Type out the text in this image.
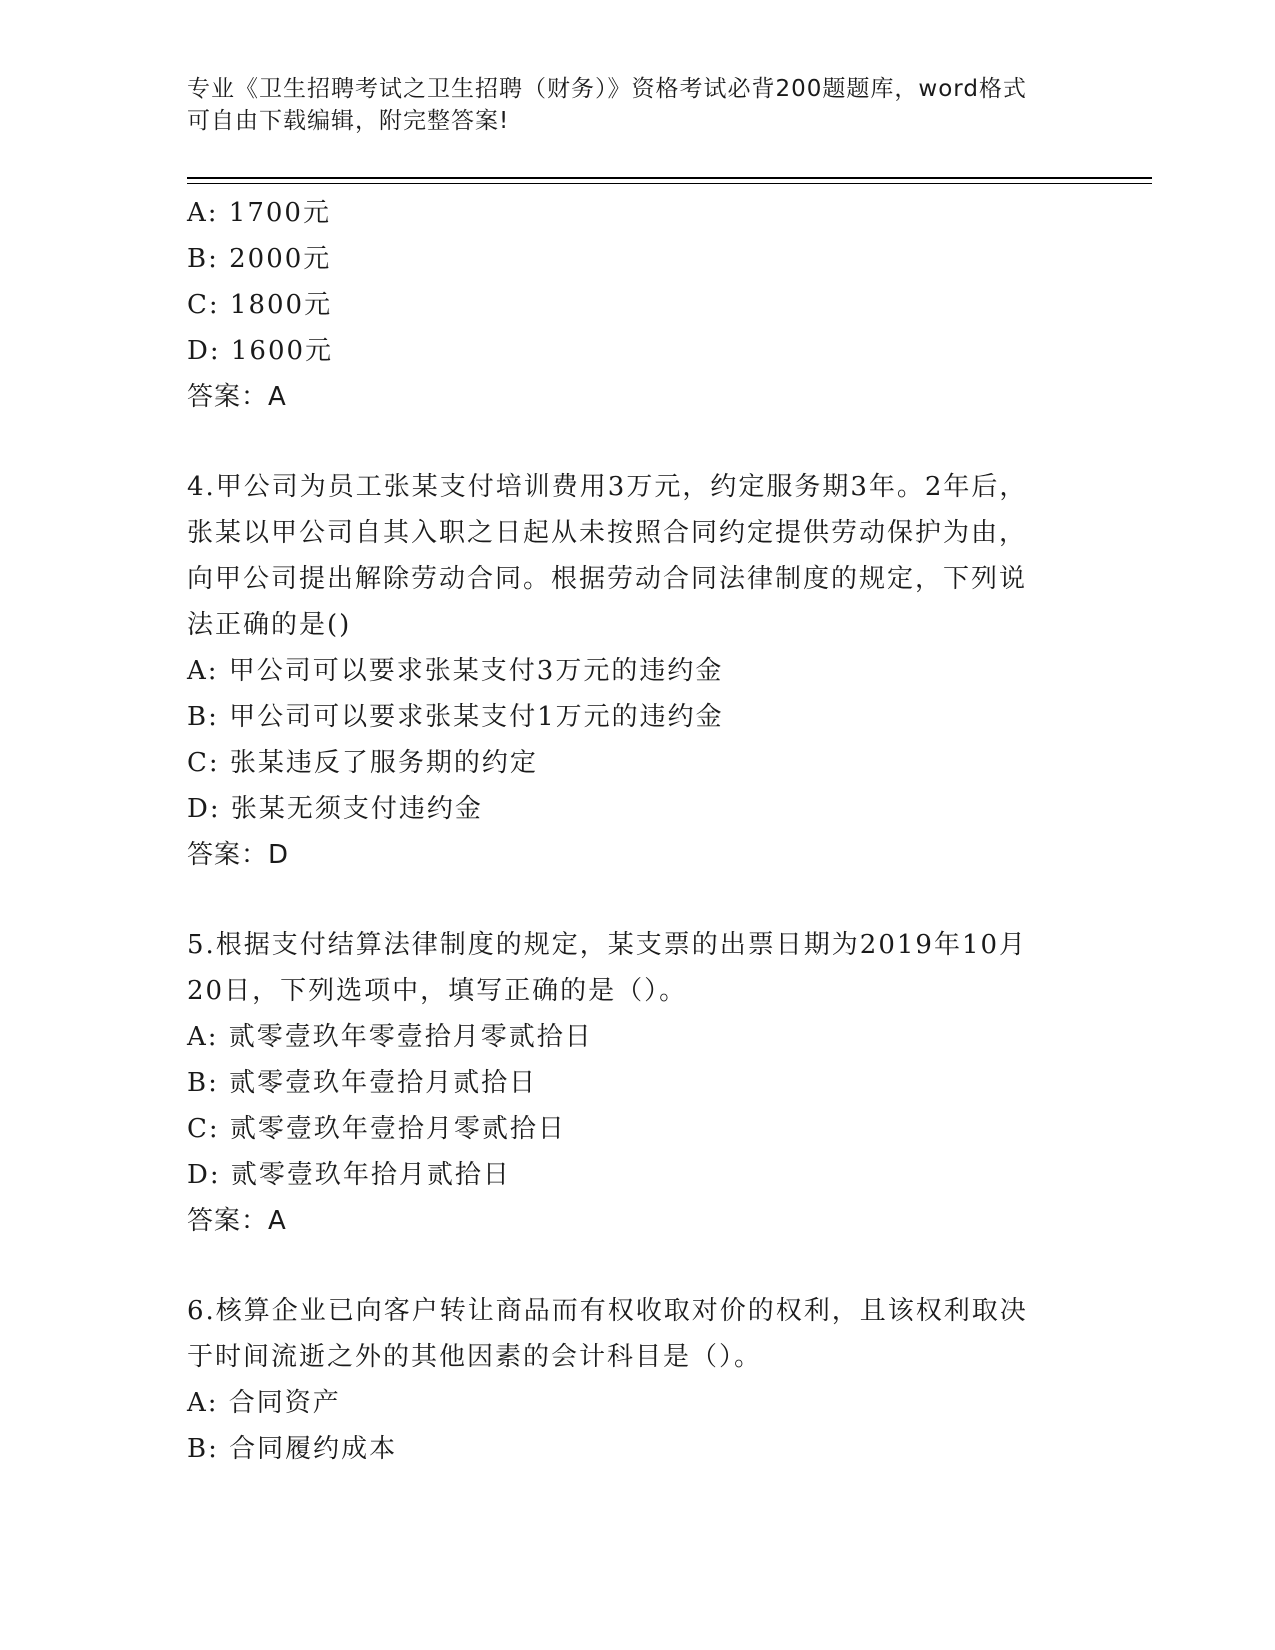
专业《卫生招聘考试之卫生招聘（财务）》资格考试必背200题题库，word格式
可自由下载编辑，附完整答案!
A: 1700元
B: 2000元
C: 1800元
D: 1600元
答案：A
4.甲公司为员工张某支付培训费用3万元，约定服务期3年。2年后，
张某以甲公司自其入职之日起从未按照合同约定提供劳动保护为由，
向甲公司提出解除劳动合同。根据劳动合同法律制度的规定，下列说
法正确的是()
A: 甲公司可以要求张某支付3万元的违约金
B: 甲公司可以要求张某支付1万元的违约金
C: 张某违反了服务期的约定
D: 张某无须支付违约金
答案：D
5.根据支付结算法律制度的规定，某支票的出票日期为2019年10月
20日，下列选项中，填写正确的是（）。
A: 贰零壹玖年零壹拾月零贰拾日
B: 贰零壹玖年壹拾月贰拾日
C: 贰零壹玖年壹拾月零贰拾日
D: 贰零壹玖年拾月贰拾日
答案：A
6.核算企业已向客户转让商品而有权收取对价的权利，且该权利取决
于时间流逝之外的其他因素的会计科目是（）。
A: 合同资产
B: 合同履约成本
